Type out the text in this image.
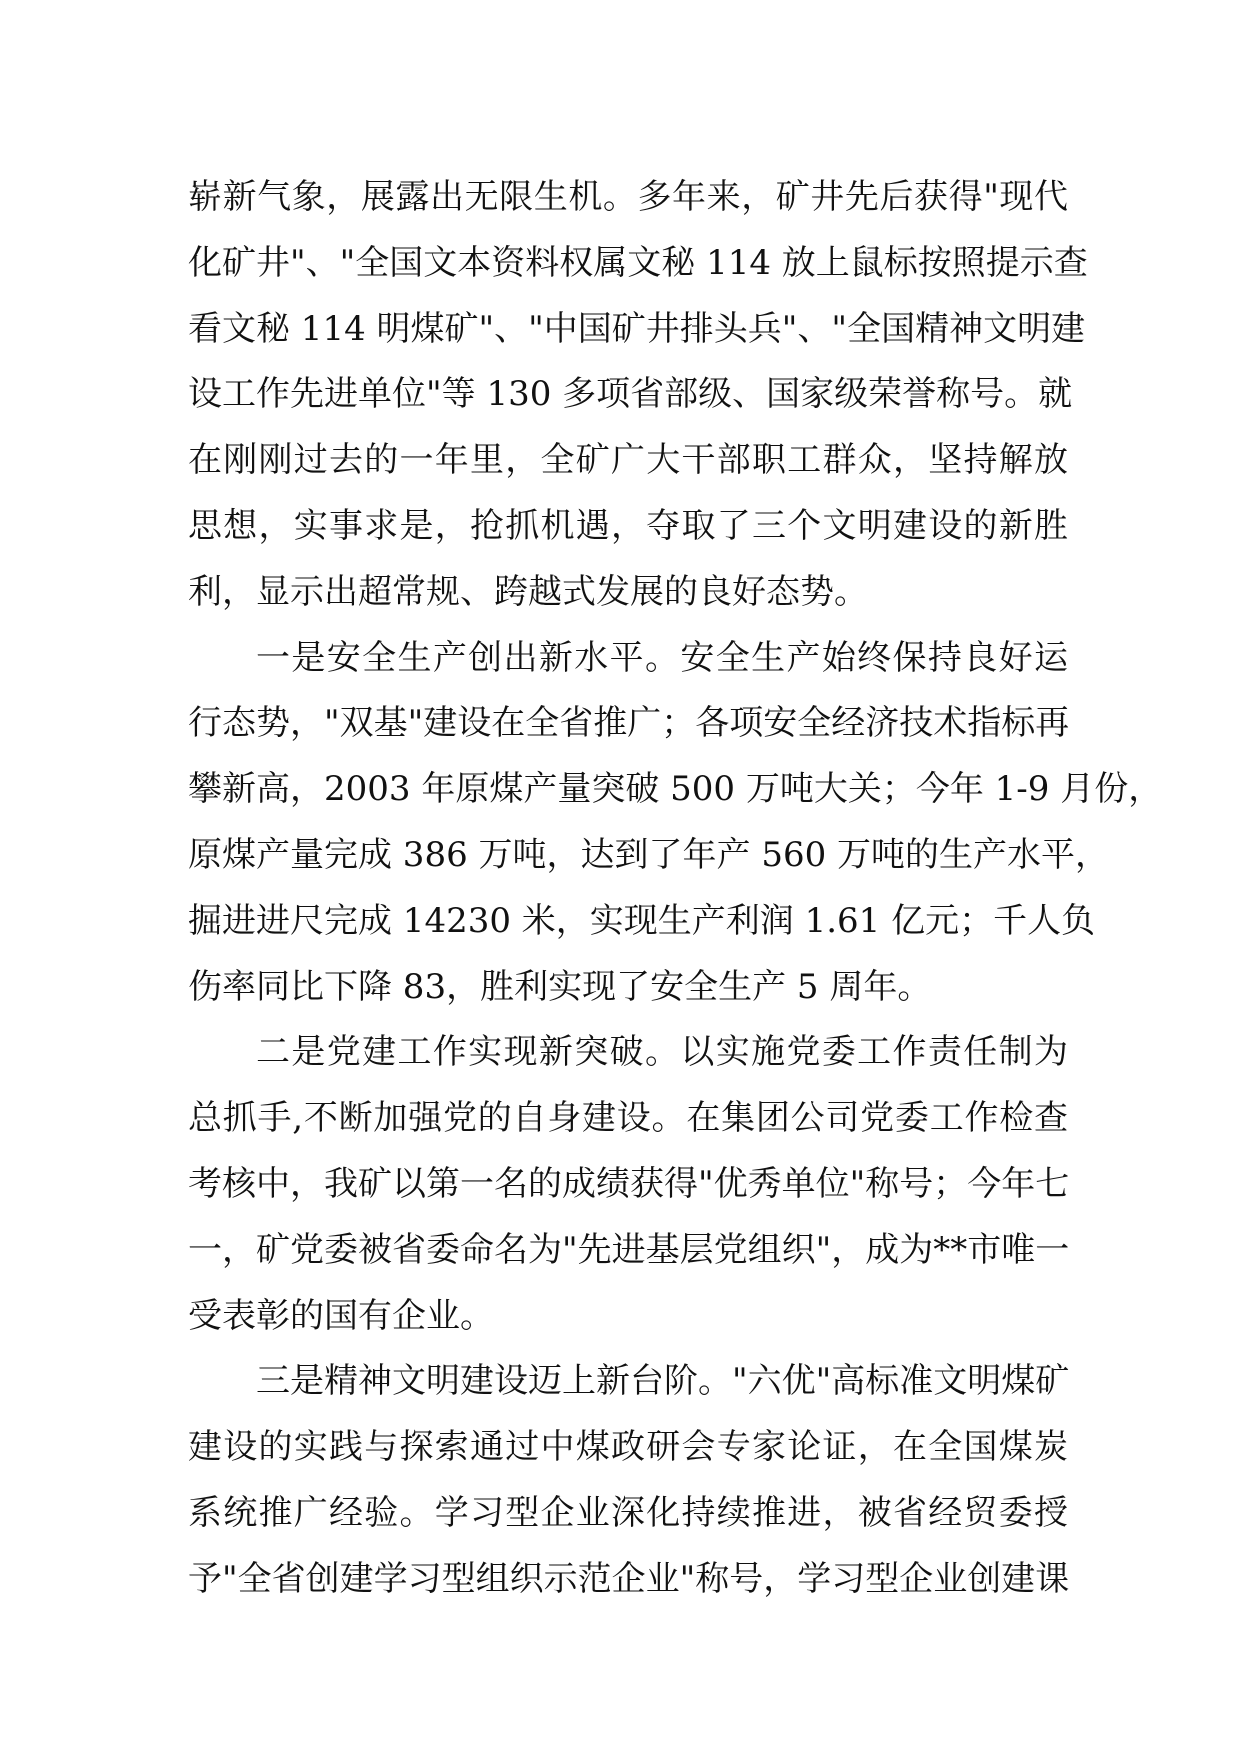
崭新气象，展露出无限生机。多年来，矿井先后获得"现代
化矿井"、"全国文本资料权属文秘 114 放上鼠标按照提示查
看文秘 114 明煤矿"、"中国矿井排头兵"、"全国精神文明建
设工作先进单位"等 130 多项省部级、国家级荣誉称号。就
在刚刚过去的一年里，全矿广大干部职工群众，坚持解放
思想，实事求是，抢抓机遇，夺取了三个文明建设的新胜
利，显示出超常规、跨越式发展的良好态势。
一是安全生产创出新水平。安全生产始终保持良好运
行态势，"双基"建设在全省推广；各项安全经济技术指标再
攀新高，2003 年原煤产量突破 500 万吨大关；今年 1-9 月份，
原煤产量完成 386 万吨，达到了年产 560 万吨的生产水平，
掘进进尺完成 14230 米，实现生产利润 1.61 亿元；千人负
伤率同比下降 83，胜利实现了安全生产 5 周年。
二是党建工作实现新突破。以实施党委工作责任制为
总抓手,不断加强党的自身建设。在集团公司党委工作检查
考核中，我矿以第一名的成绩获得"优秀单位"称号；今年七
一，矿党委被省委命名为"先进基层党组织"，成为**市唯一
受表彰的国有企业。
三是精神文明建设迈上新台阶。"六优"高标准文明煤矿
建设的实践与探索通过中煤政研会专家论证，在全国煤炭
系统推广经验。学习型企业深化持续推进，被省经贸委授
予"全省创建学习型组织示范企业"称号，学习型企业创建课
